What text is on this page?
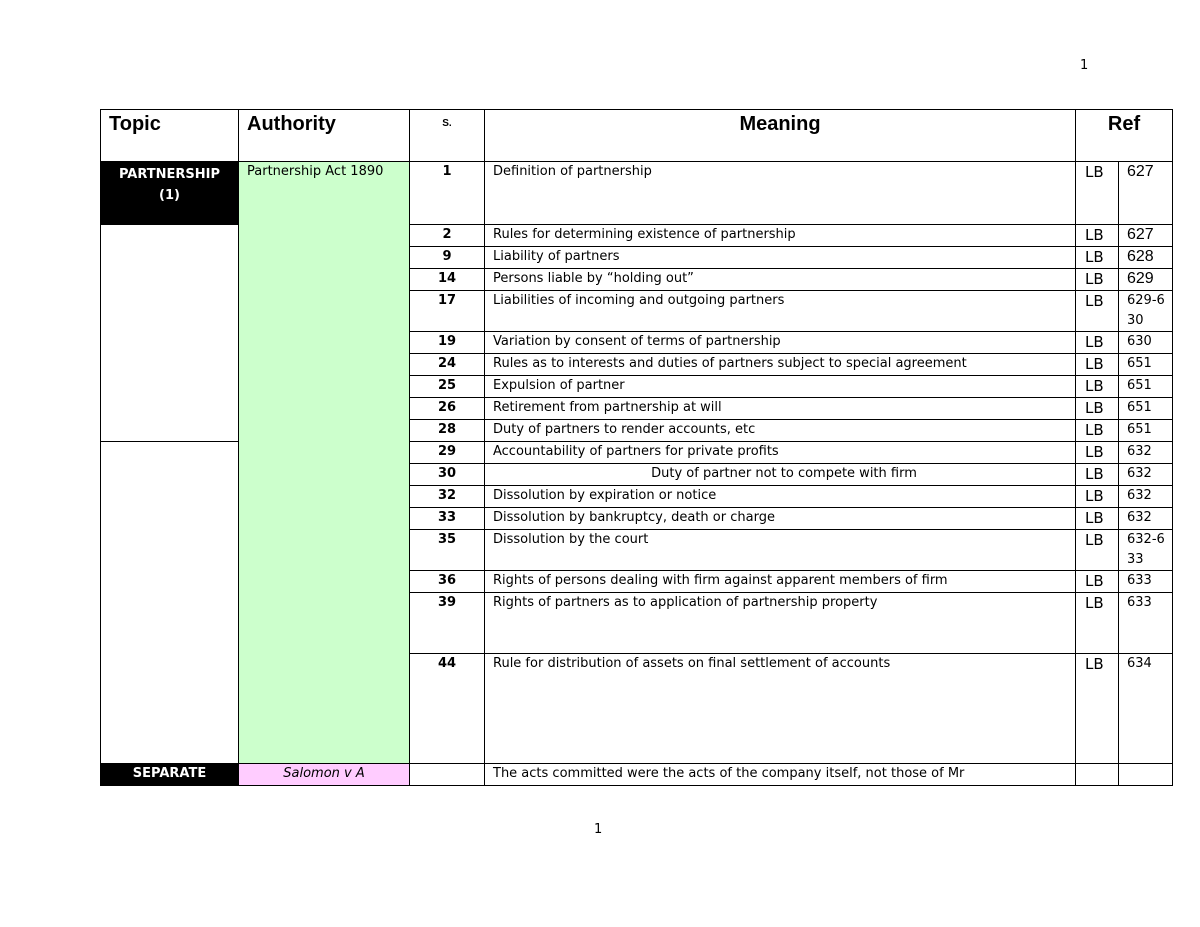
1
Topic	Authority	S.	Meaning	Ref	
PARTNERSHIP (1)	Partnership Act 1890	1	Definition of partnership	LB	627
		2	Rules for determining existence of partnership	LB	627
		9	Liability of partners	LB	628
		14	Persons liable by “holding out”	LB	629
		17	Liabilities of incoming and outgoing partners	LB	629-630
		19	Variation by consent of terms of partnership	LB	630
		24	Rules as to interests and duties of partners subject to special agreement	LB	651
		25	Expulsion of partner	LB	651
		26	Retirement from partnership at will	LB	651
		28	Duty of partners to render accounts, etc	LB	651
		29	Accountability of partners for private profits	LB	632
		30	Duty of partner not to compete with firm	LB	632
		32	Dissolution by expiration or notice	LB	632
		33	Dissolution by bankruptcy, death or charge	LB	632
		35	Dissolution by the court	LB	632-633
		36	Rights of persons dealing with firm against apparent members of firm	LB	633
		39	Rights of partners as to application of partnership property	LB	633
		44	Rule for distribution of assets on final settlement of accounts	LB	634
SEPARATE	Salomon v A		The acts committed were the acts of the company itself, not those of Mr		
1
